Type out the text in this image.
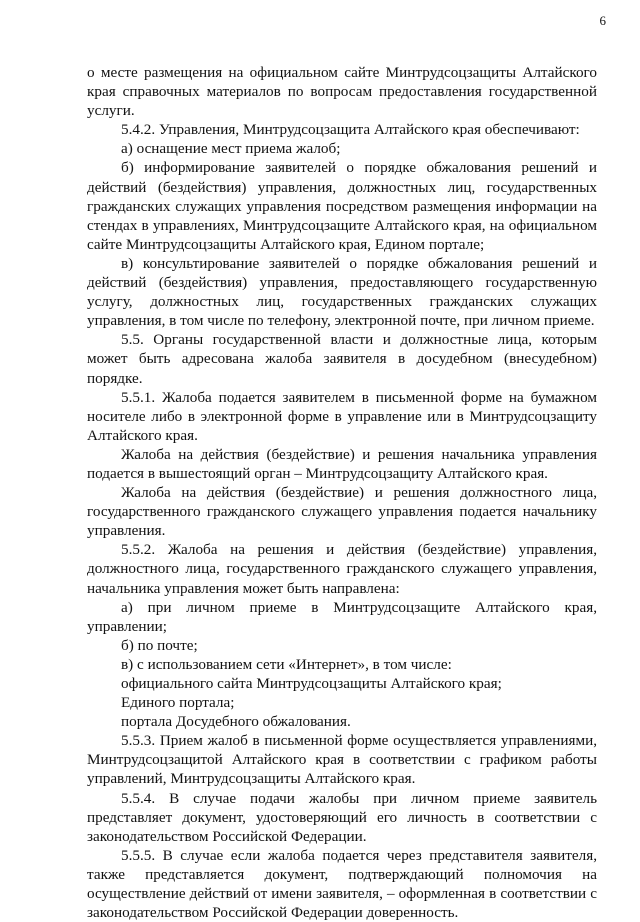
6

о месте размещения на официальном сайте Минтрудсоцзащиты Алтайского края справочных материалов по вопросам предоставления государственной услуги.

5.4.2. Управления, Минтрудсоцзащита Алтайского края обеспечивают:

а) оснащение мест приема жалоб;

б) информирование заявителей о порядке обжалования решений и действий (бездействия) управления, должностных лиц, государственных гражданских служащих управления посредством размещения информации на стендах в управлениях, Минтрудсоцзащите Алтайского края, на официальном сайте Минтрудсоцзащиты Алтайского края, Едином портале;

в) консультирование заявителей о порядке обжалования решений и действий (бездействия) управления, предоставляющего государственную услугу, должностных лиц, государственных гражданских служащих управления, в том числе по телефону, электронной почте, при личном приеме.

5.5. Органы государственной власти и должностные лица, которым может быть адресована жалоба заявителя в досудебном (внесудебном) порядке.

5.5.1. Жалоба подается заявителем в письменной форме на бумажном носителе либо в электронной форме в управление или в Минтрудсоцзащиту Алтайского края.

Жалоба на действия (бездействие) и решения начальника управления подается в вышестоящий орган – Минтрудсоцзащиту Алтайского края.

Жалоба на действия (бездействие) и решения должностного лица, государственного гражданского служащего управления подается начальнику управления.

5.5.2. Жалоба на решения и действия (бездействие) управления, должностного лица, государственного гражданского служащего управления, начальника управления может быть направлена:

а) при личном приеме в Минтрудсоцзащите Алтайского края, управлении;

б) по почте;

в) с использованием сети «Интернет», в том числе:

официального сайта Минтрудсоцзащиты Алтайского края;

Единого портала;

портала Досудебного обжалования.

5.5.3. Прием жалоб в письменной форме осуществляется управлениями, Минтрудсоцзащитой Алтайского края в соответствии с графиком работы управлений, Минтрудсоцзащиты Алтайского края.

5.5.4. В случае подачи жалобы при личном приеме заявитель представляет документ, удостоверяющий его личность в соответствии с законодательством Российской Федерации.

5.5.5. В случае если жалоба подается через представителя заявителя, также представляется документ, подтверждающий полномочия на осуществление действий от имени заявителя, – оформленная в соответствии с законодательством Российской Федерации доверенность.
